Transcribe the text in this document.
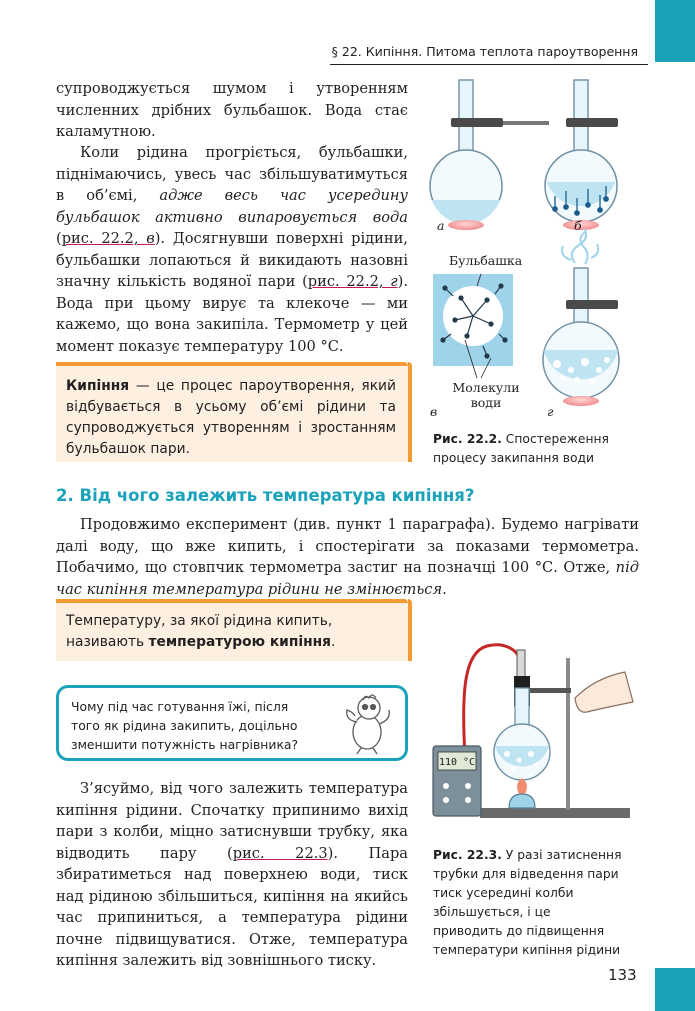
§ 22. Кипіння. Питома теплота пароутворення
супроводжується шумом і утворенням
численних дрібних бульбашок. Вода стає
каламутною.

Коли рідина прогріється, бульбашки, піднімаючись, увесь час збільшуватимуться в об’ємі, адже весь час усередину бульбашок активно випаровується вода (рис. 22.2, в). Досягнувши поверхні рідини, бульбашки лопаються й викидають назовні значну кількість водяної пари (рис. 22.2, г). Вода при цьому вирує та клекоче — ми кажемо, що вона закипіла. Термометр у цей момент показує температуру 100 °С.

Кипіння — це процес пароутворення, який відбувається в усьому об’ємі рідини та супроводжується утворенням і зростанням бульбашок пари.
а	б
в	г
Бульбашка
Молекули
води
Рис. 22.2. Спостереження процесу закипання води
2. Від чого залежить температура кипіння?

Продовжимо експеримент (див. пункт 1 параграфа). Будемо нагрівати далі воду, що вже кипить, і спостерігати за показами термометра. Побачимо, що стовпчик термометра застиг на позначці 100 °С. Отже, під час кипіння температура рідини не змінюється.

Температуру, за якої рідина кипить, називають температурою кипіння.
Чому під час готування їжі, після того як рідина закипить, доцільно зменшити потужність нагрівника?

З’ясуймо, від чого залежить температура кипіння рідини. Спочатку припинимо вихід пари з колби, міцно затиснувши трубку, яка відводить пару (рис. 22.3). Пара збиратиметься над поверхнею води, тиск над рідиною збільшиться, кипіння на якийсь час припиниться, а температура рідини почне підвищуватися. Отже, температура кипіння залежить від зовнішнього тиску.

110 °C
Рис. 22.3. У разі затиснення трубки для відведення пари тиск усередині колби збільшується, і це приводить до підвищення температури кипіння рідини
133
